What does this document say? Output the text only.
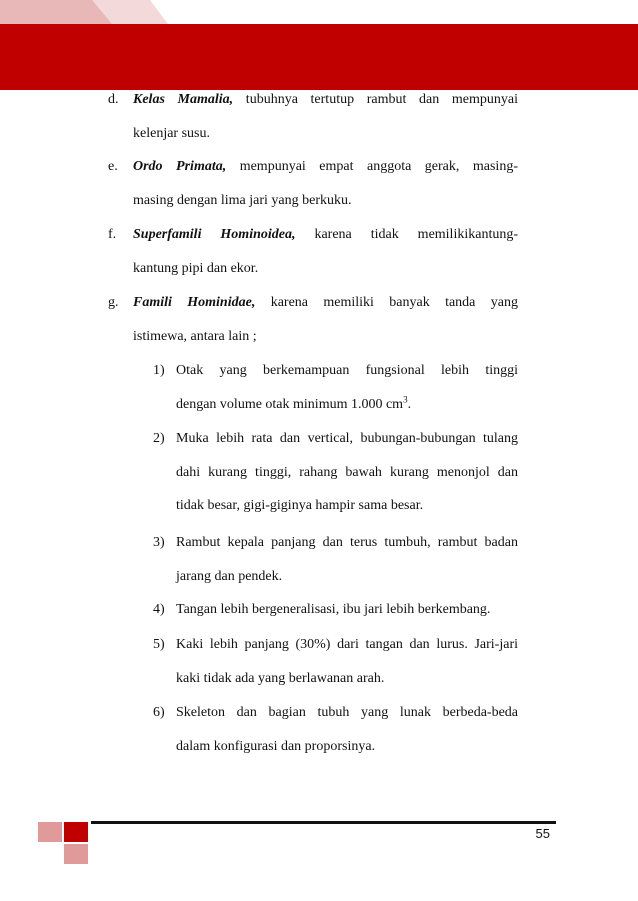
d. Kelas Mamalia, tubuhnya tertutup rambut dan mempunyai
kelenjar susu.
e. Ordo Primata, mempunyai empat anggota gerak, masing-
masing dengan lima jari yang berkuku.
f. Superfamili Hominoidea, karena tidak memilikikantung-
kantung pipi dan ekor.
g. Famili Hominidae, karena memiliki banyak tanda yang
istimewa, antara lain ;
1) Otak yang berkemampuan fungsional lebih tinggi
dengan volume otak minimum 1.000 $cm^3$.
2) Muka lebih rata dan vertical, bubungan-bubungan tulang
dahi kurang tinggi, rahang bawah kurang menonjol dan
tidak besar, gigi-giginya hampir sama besar.
3) Rambut kepala panjang dan terus tumbuh, rambut badan
jarang dan pendek.
4) Tangan lebih bergeneralisasi, ibu jari lebih berkembang.
5) Kaki lebih panjang (30%) dari tangan dan lurus. Jari-jari
kaki tidak ada yang berlawanan arah.
6) Skeleton dan bagian tubuh yang lunak berbeda-beda
dalam konfigurasi dan proporsinya.
55
